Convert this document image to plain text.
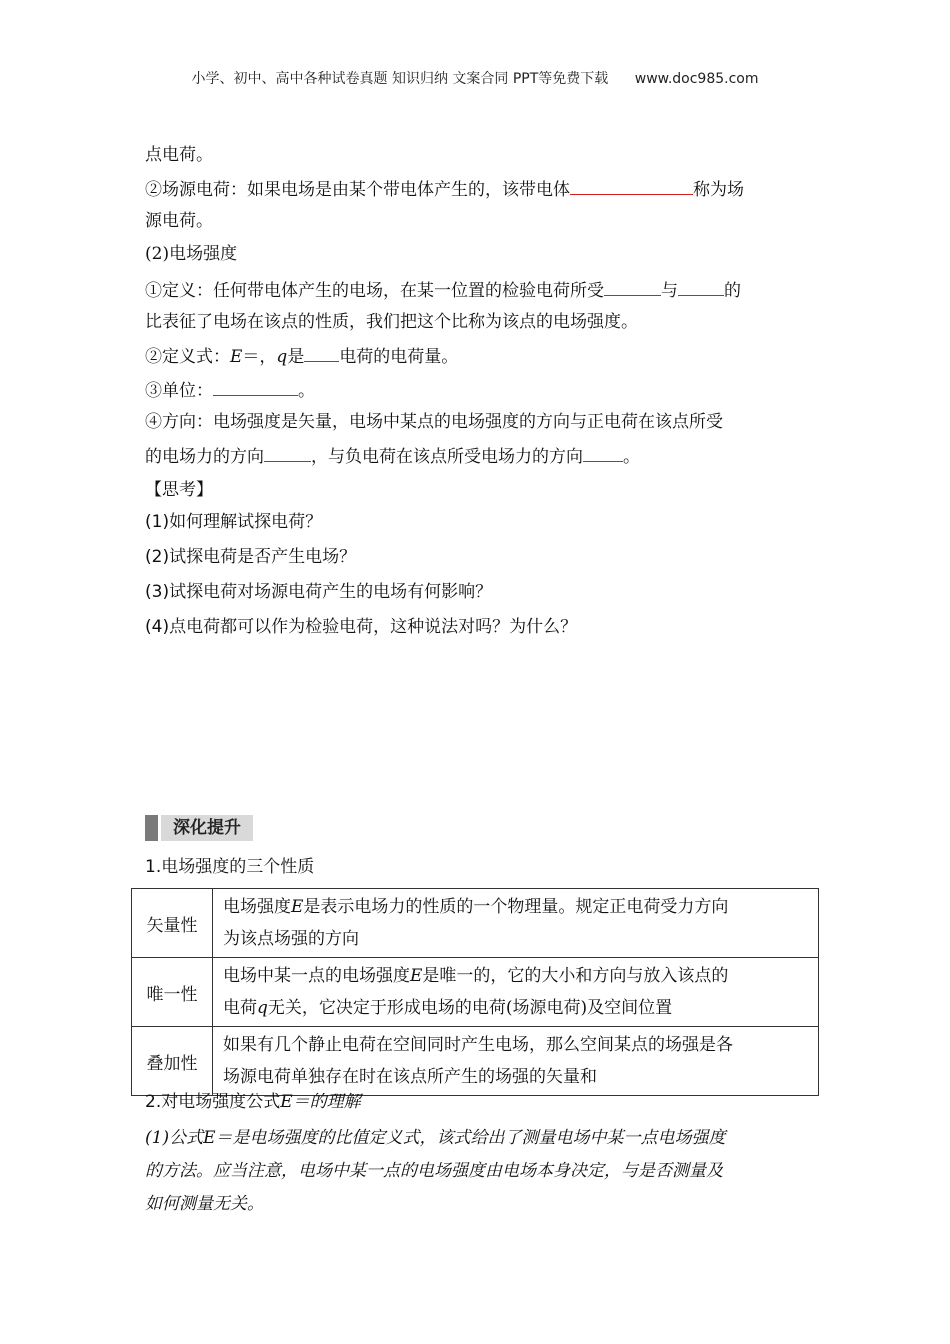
小学、初中、高中各种试卷真题 知识归纳 文案合同 PPT等免费下载 www.doc985.com
点电荷。
②场源电荷：如果电场是由某个带电体产生的，该带电体	称为场
源电荷。
(2)电场强度
①定义：任何带电体产生的电场，在某一位置的检验电荷所受	与	的
比表征了电场在该点的性质，我们把这个比称为该点的电场强度。
②定义式：E＝，q是 电荷的电荷量。
③单位：	。
④方向：电场强度是矢量，电场中某点的电场强度的方向与正电荷在该点所受
的电场力的方向	，与负电荷在该点所受电场力的方向 。
【思考】
(1)如何理解试探电荷？
(2)试探电荷是否产生电场？
(3)试探电荷对场源电荷产生的电场有何影响？
(4)点电荷都可以作为检验电荷，这种说法对吗？为什么？
1.电场强度的三个性质
深化提升
矢量性	电场强度E是表示电场力的性质的一个物理量。规定正电荷受力方向
为该点场强的方向

唯一性	电场中某一点的电场强度E是唯一的，它的大小和方向与放入该点的
电荷q无关，它决定于形成电场的电荷(场源电荷)及空间位置

叠加性	如果有几个静止电荷在空间同时产生电场，那么空间某点的场强是各
场源电荷单独存在时在该点所产生的场强的矢量和
2.对电场强度公式E＝的理解
(1)公式E＝是电场强度的比值定义式，该式给出了测量电场中某一点电场强度
的方法。应当注意，电场中某一点的电场强度由电场本身决定，与是否测量及
如何测量无关。
